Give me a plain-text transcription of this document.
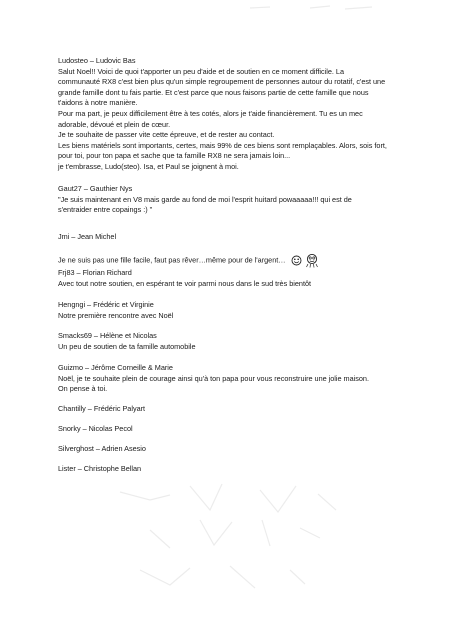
Ludosteo – Ludovic Bas
Salut Noel!! Voici de quoi t'apporter un peu d'aide et de soutien en ce moment difficile. La
communauté RX8 c'est bien plus qu'un simple regroupement de personnes autour du rotatif, c'est une
grande famille dont tu fais partie. Et c'est parce que nous faisons partie de cette famille que nous
t'aidons à notre manière.
Pour ma part, je peux difficilement être à tes cotés, alors je t'aide financièrement. Tu es un mec
adorable, dévoué et plein de cœur.
Je te souhaite de passer vite cette épreuve, et de rester au contact.
Les biens matériels sont importants, certes, mais 99% de ces biens sont remplaçables. Alors, sois fort,
pour toi, pour ton papa et sache que ta famille RX8 ne sera jamais loin...
je t'embrasse, Ludo(steo). Isa, et Paul se joignent à moi.
Gaut27 – Gauthier Nys
"Je suis maintenant en V8 mais garde au fond de moi l'esprit huitard powaaaaa!!! qui est de
s'entraider entre copaings :) "
Jmi – Jean Michel
Je ne suis pas une fille facile, faut pas rêver…même pour de l'argent…
Frj83 – Florian Richard
Avec tout notre soutien, en espérant te voir parmi nous dans le sud très bientôt
Hengngi – Frédéric et Virginie
Notre première rencontre avec Noël
Smacks69 – Hélène et Nicolas
Un peu de soutien de ta famille automobile
Guizmo – Jérôme Corneille & Marie
Noël, je te souhaite plein de courage ainsi qu'à ton papa pour vous reconstruire une jolie maison.
On pense à toi.
Chantilly – Frédéric Palyart
Snorky – Nicolas Pecol
Silverghost – Adrien Asesio
Lister – Christophe Bellan
